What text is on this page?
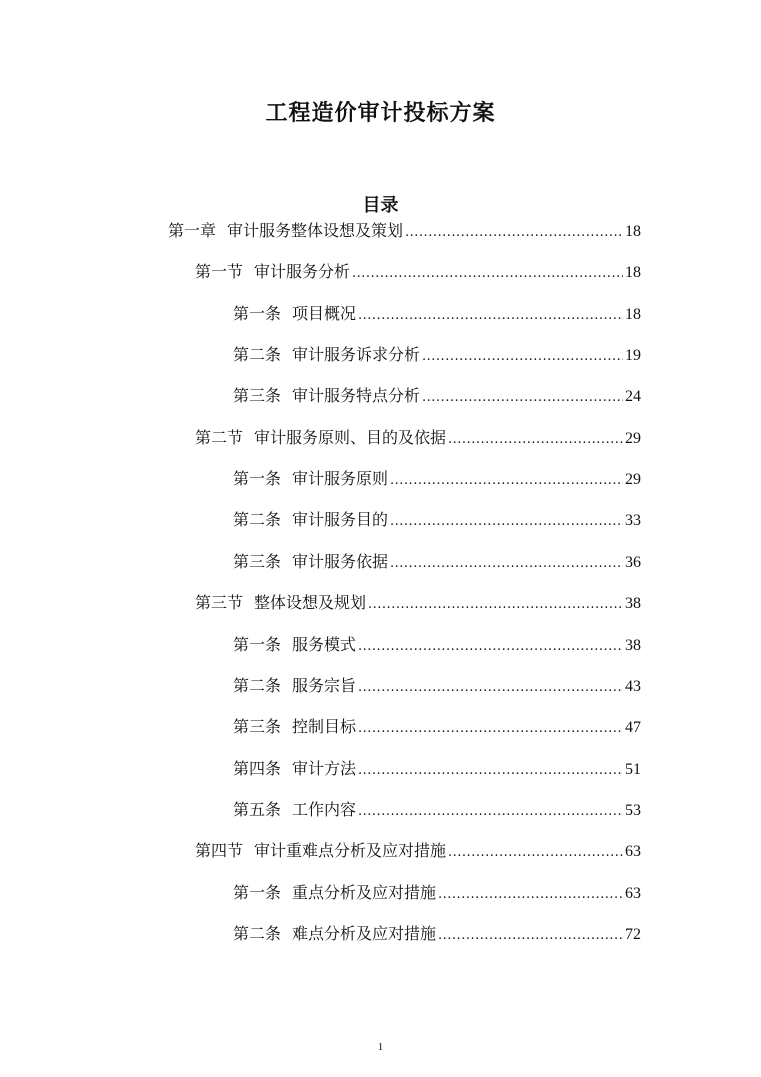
工程造价审计投标方案
目录
第一章 审计服务整体设想及策划 .....	18
第一节 审计服务分析 .....	18
第一条 项目概况 .....	18
第二条 审计服务诉求分析 .....	19
第三条 审计服务特点分析 .....	24
第二节 审计服务原则、目的及依据 .....	29
第一条 审计服务原则 .....	29
第二条 审计服务目的 .....	33
第三条 审计服务依据 .....	36
第三节 整体设想及规划 .....	38
第一条 服务模式 .....	38
第二条 服务宗旨 .....	43
第三条 控制目标 .....	47
第四条 审计方法 .....	51
第五条 工作内容 .....	53
第四节 审计重难点分析及应对措施 .....	63
第一条 重点分析及应对措施 .....	63
第二条 难点分析及应对措施 .....	72
1
